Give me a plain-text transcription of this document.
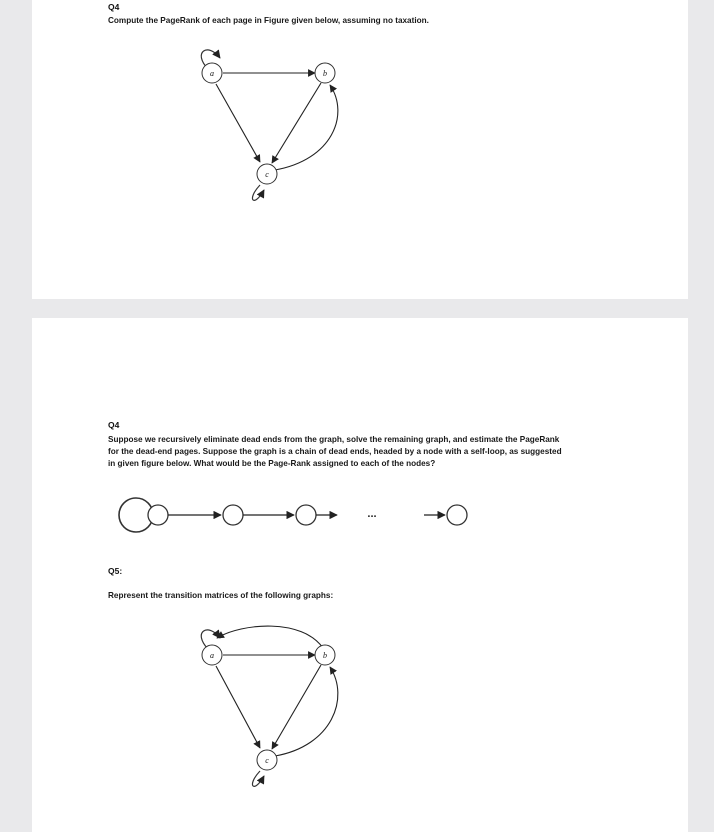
Q4
Compute the PageRank of each page in Figure given below, assuming no taxation.
a	b
c
Q4
Suppose we recursively eliminate dead ends from the graph, solve the remaining graph, and estimate the PageRank
for the dead-end pages. Suppose the graph is a chain of dead ends, headed by a node with a self-loop, as suggested
in given figure below. What would be the Page-Rank assigned to each of the nodes?
...
Q5:
Represent the transition matrices of the following graphs:
a	b
c
